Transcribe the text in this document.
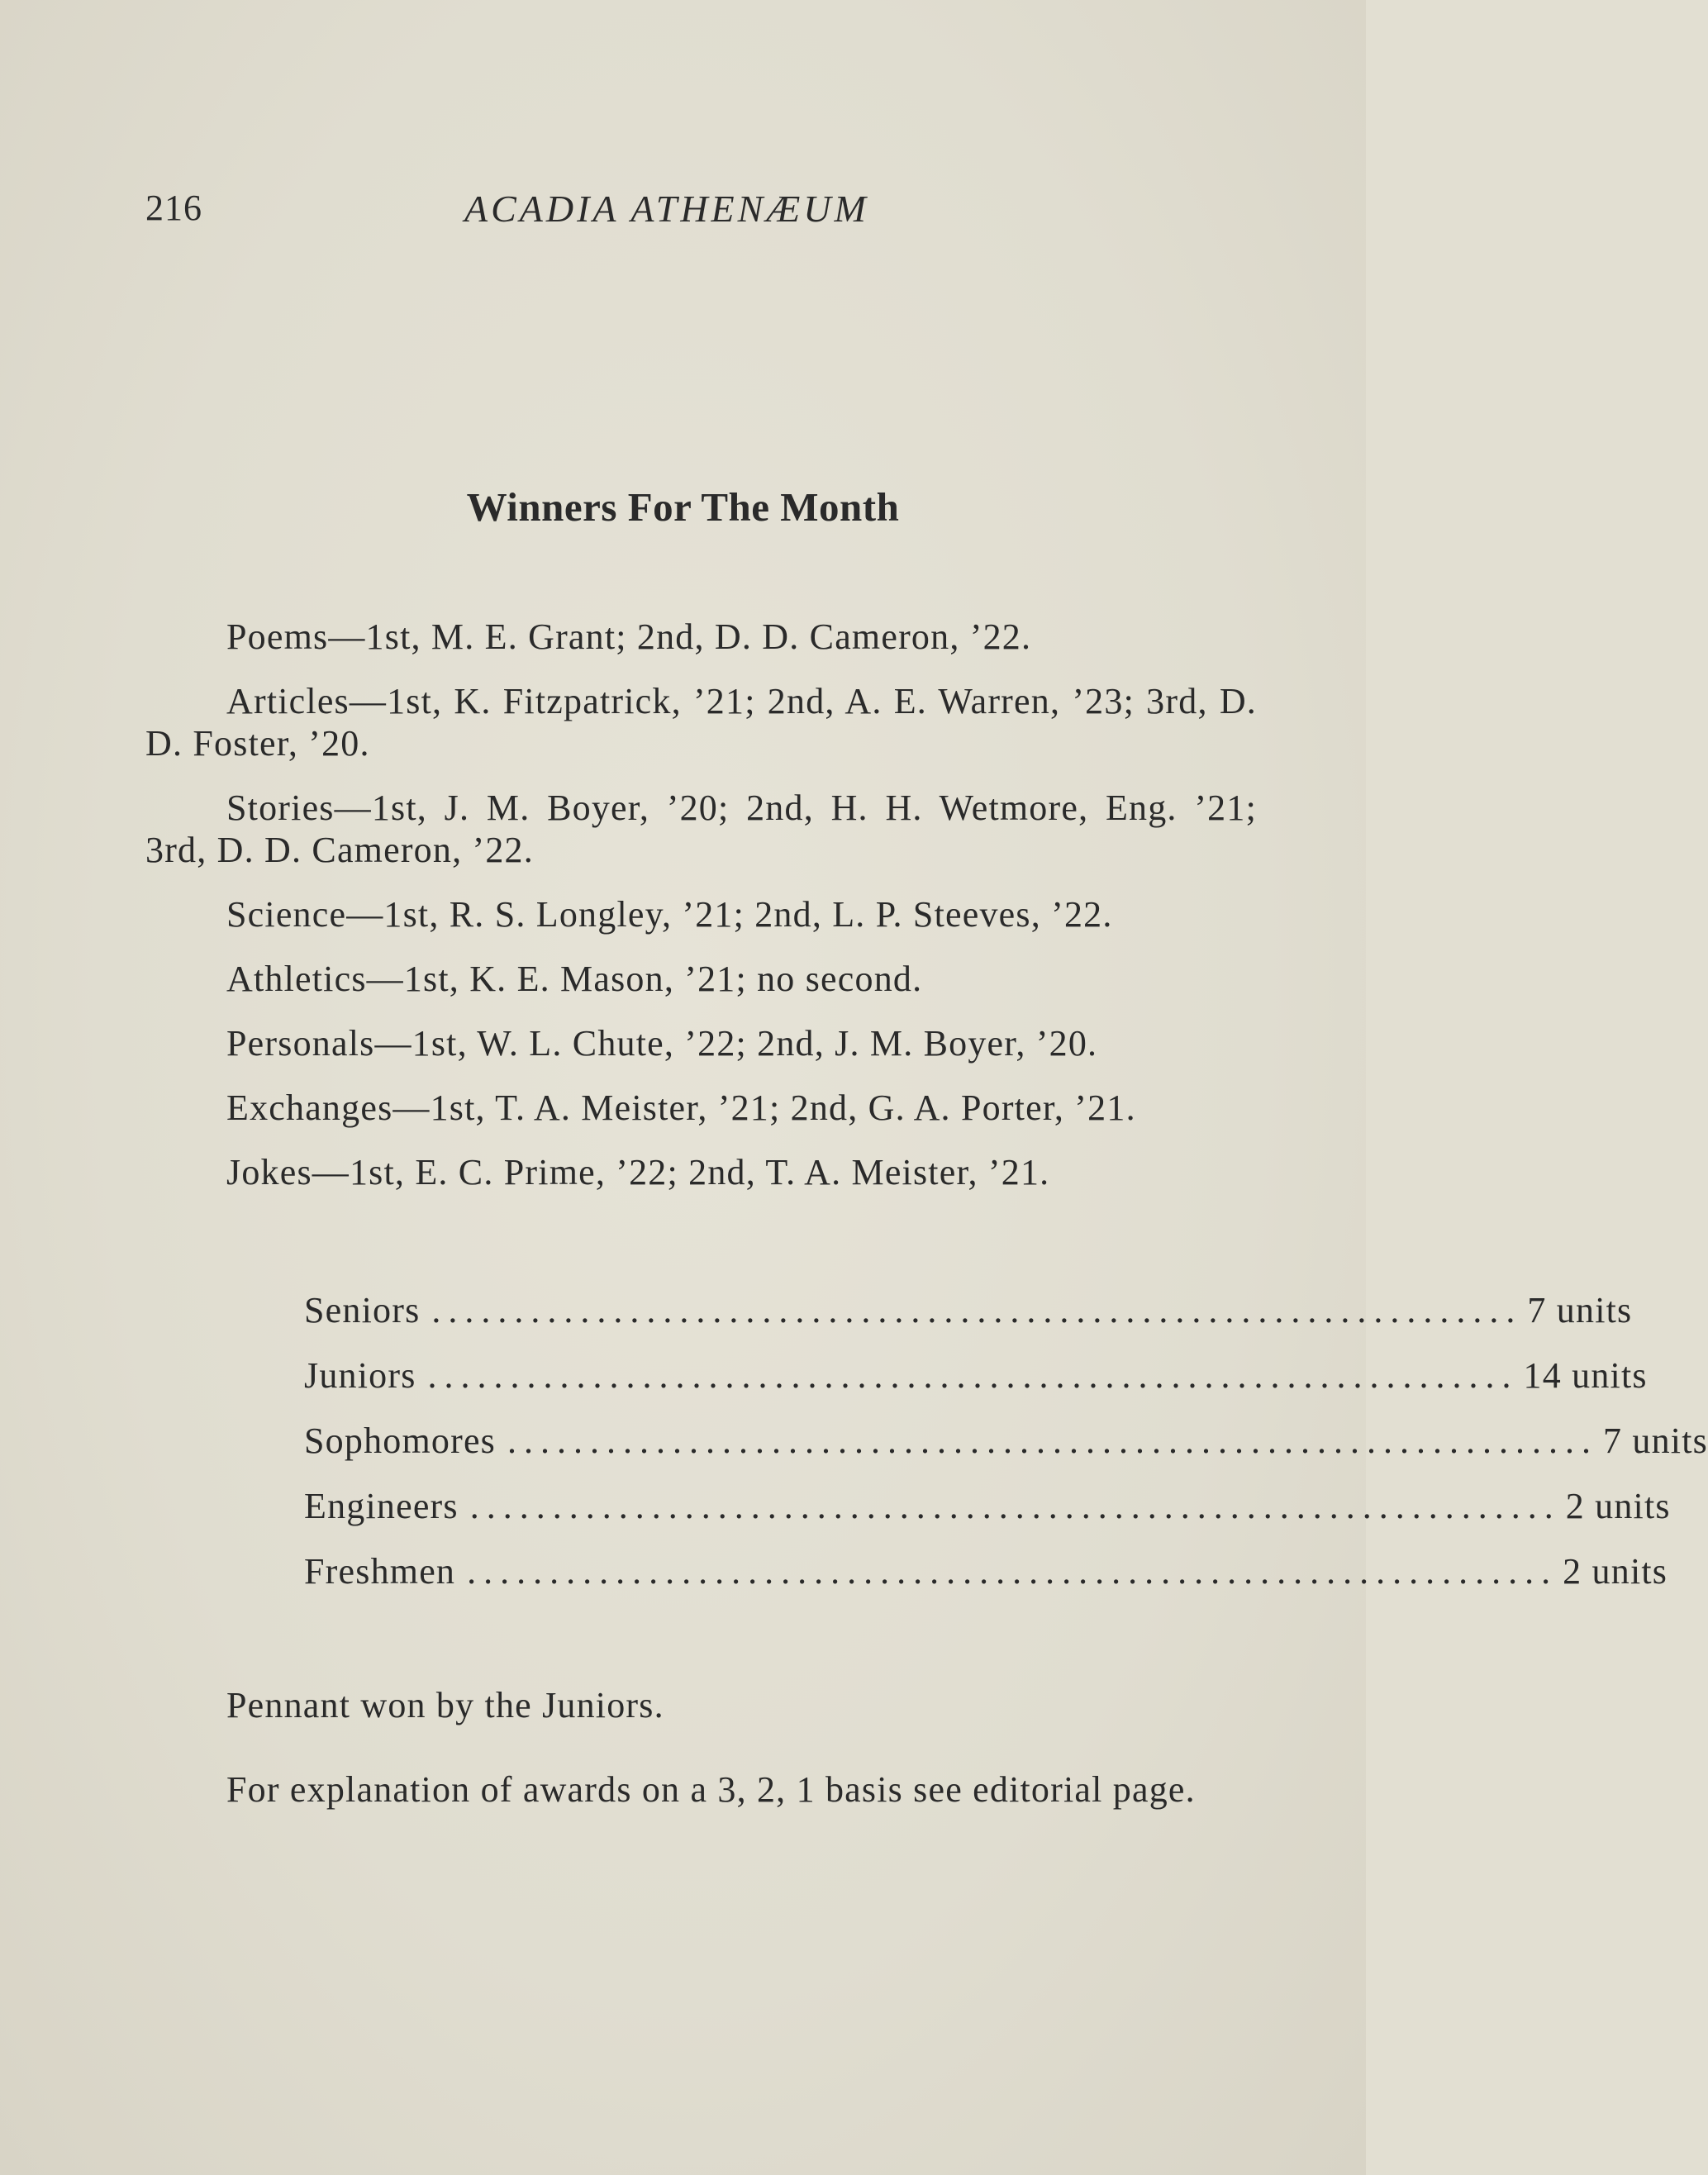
216	ACADIA ATHENÆUM
Winners For The Month

Poems—1st, M. E. Grant; 2nd, D. D. Cameron, ’22.

Articles—1st, K. Fitzpatrick, ’21; 2nd, A. E. Warren, ’23; 3rd, D. D. Foster, ’20.

Stories—1st, J. M. Boyer, ’20; 2nd, H. H. Wetmore, Eng. ’21; 3rd, D. D. Cameron, ’22.

Science—1st, R. S. Longley, ’21; 2nd, L. P. Steeves, ’22.

Athletics—1st, K. E. Mason, ’21; no second.

Personals—1st, W. L. Chute, ’22; 2nd, J. M. Boyer, ’20.

Exchanges—1st, T. A. Meister, ’21; 2nd, G. A. Porter, ’21.

Jokes—1st, E. C. Prime, ’22; 2nd, T. A. Meister, ’21.

Seniors .................................................................. 7 units
Juniors .................................................................. 14 units
Sophomores .................................................................. 7 units
Engineers .................................................................. 2 units
Freshmen .................................................................. 2 units
Pennant won by the Juniors.
For explanation of awards on a 3, 2, 1 basis see editorial page.
